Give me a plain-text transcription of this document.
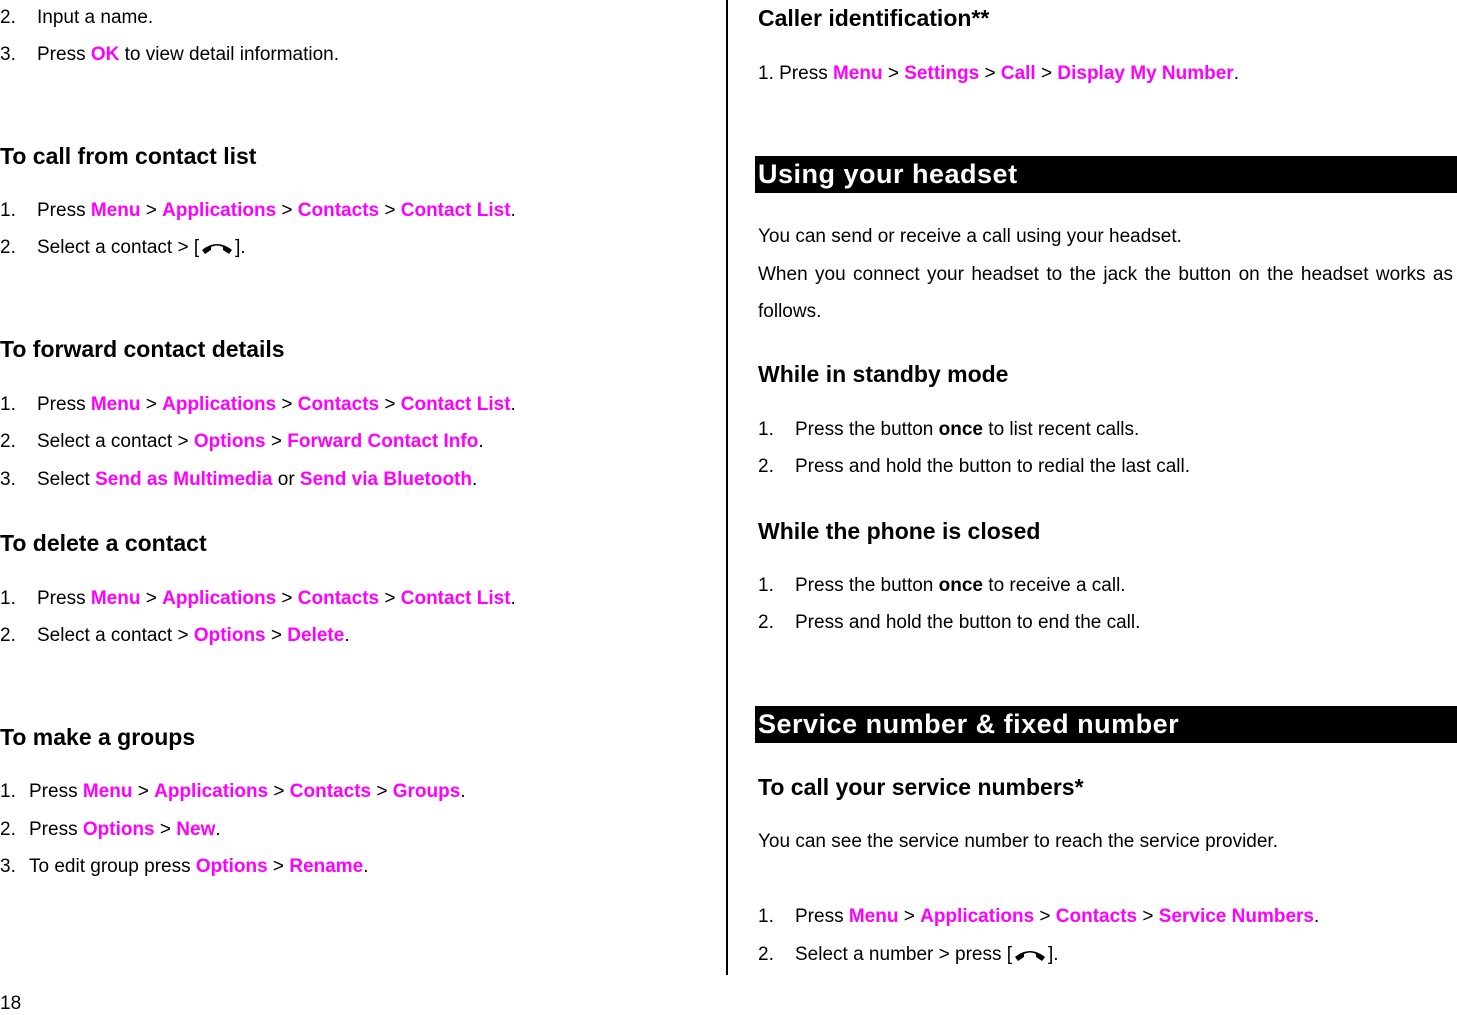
2. Input a name.
3. Press OK to view detail information.
To call from contact list
1. Press Menu > Applications > Contacts > Contact List.
2. Select a contact > [ ].
To forward contact details
1. Press Menu > Applications > Contacts > Contact List.
2. Select a contact > Options > Forward Contact Info.
3. Select Send as Multimedia or Send via Bluetooth.
To delete a contact
1. Press Menu > Applications > Contacts > Contact List.
2. Select a contact > Options > Delete.
To make a groups
1. Press Menu > Applications > Contacts > Groups.
2. Press Options > New.
3. To edit group press Options > Rename.
18
Caller identification**
1. Press Menu > Settings > Call > Display My Number.
Using your headset
You can send or receive a call using your headset.
When you connect your headset to the jack the button on the headset works as follows.
While in standby mode
1. Press the button once to list recent calls.
2. Press and hold the button to redial the last call.
While the phone is closed
1. Press the button once to receive a call.
2. Press and hold the button to end the call.
Service number & fixed number
To call your service numbers*
You can see the service number to reach the service provider.
1. Press Menu > Applications > Contacts > Service Numbers.
2. Select a number > press [ ].
